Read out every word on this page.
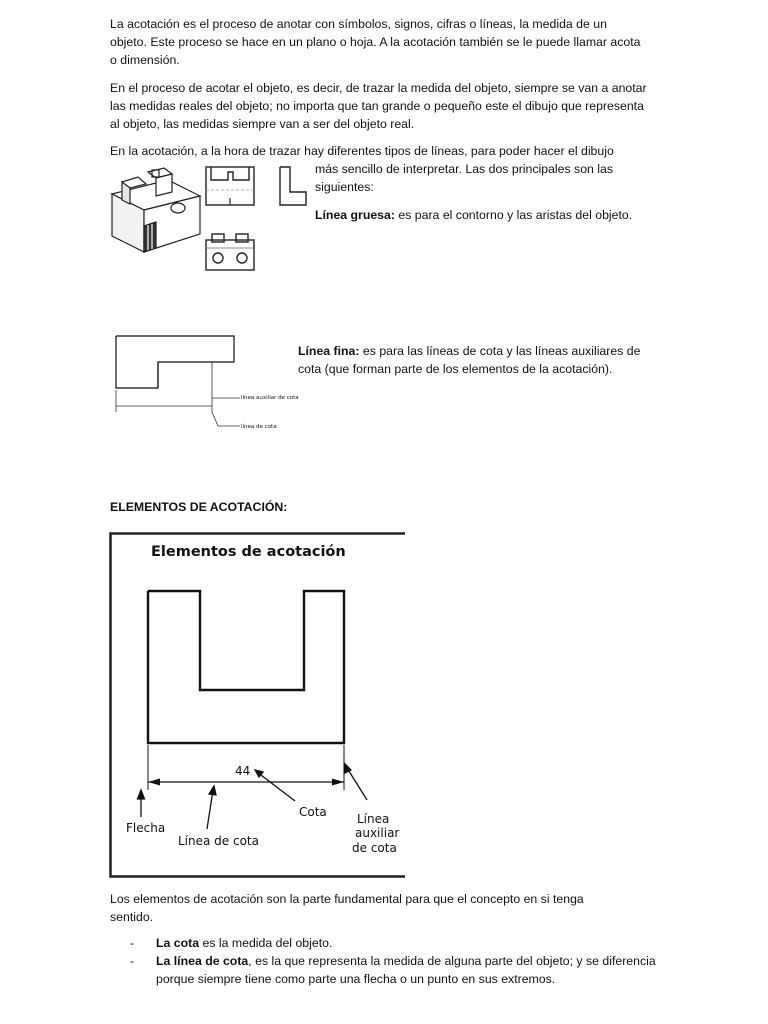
La acotación es el proceso de anotar con símbolos, signos, cifras o líneas, la medida de un objeto. Este proceso se hace en un plano o hoja. A la acotación también se le puede llamar acota o dimensión.

En el proceso de acotar el objeto, es decir, de trazar la medida del objeto, siempre se van a anotar las medidas reales del objeto; no importa que tan grande o pequeño este el dibujo que representa al objeto, las medidas siempre van a ser del objeto real.

En la acotación, a la hora de trazar hay diferentes tipos de líneas, para poder hacer el dibujo

más sencillo de interpretar. Las dos principales son las

siguientes:

Línea gruesa: es para el contorno y las aristas del objeto.

línea auxiliar de cota
línea de cota

Línea fina: es para las líneas de cota y las líneas auxiliares de cota (que forman parte de los elementos de la acotación).

ELEMENTOS DE ACOTACIÓN:

Elementos de acotación
44
Cota
Flecha
Línea de cota
Línea
auxiliar
de cota

Los elementos de acotación son la parte fundamental para que el concepto en si tenga sentido.

- La cota es la medida del objeto.
- La línea de cota, es la que representa la medida de alguna parte del objeto; y se diferencia porque siempre tiene como parte una flecha o un punto en sus extremos.
